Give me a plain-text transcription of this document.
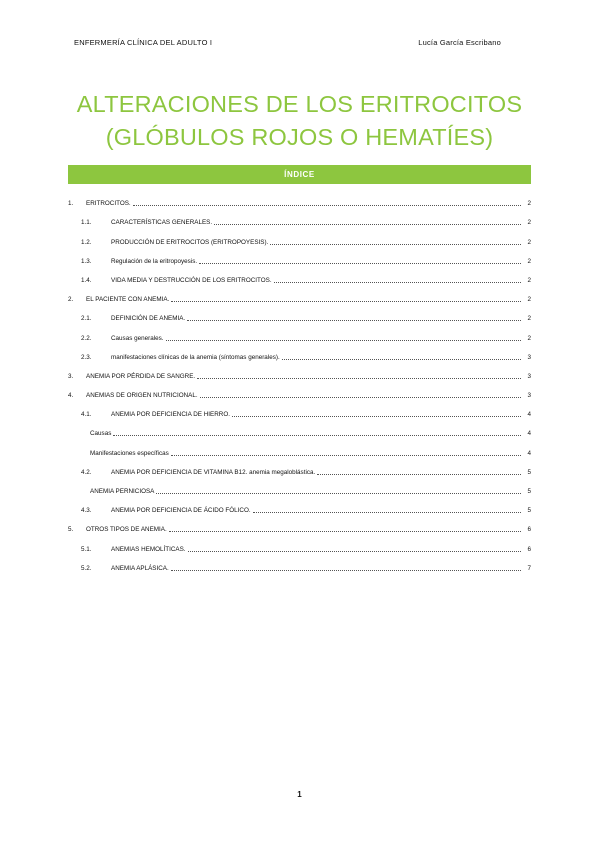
ENFERMERÍA CLÍNICA DEL ADULTO I	Lucía García Escribano
ALTERACIONES DE LOS ERITROCITOS
(GLÓBULOS ROJOS O HEMATÍES)
ÍNDICE
1.	ERITROCITOS.	2
1.1.	CARACTERÍSTICAS GENERALES.	2
1.2.	PRODUCCIÓN DE ERITROCITOS (ERITROPOYESIS).	2
1.3.	Regulación de la eritropoyesis.	2
1.4.	VIDA MEDIA Y DESTRUCCIÓN DE LOS ERITROCITOS.	2
2.	EL PACIENTE CON ANEMIA.	2
2.1.	DEFINICIÓN DE ANEMIA.	2
2.2.	Causas generales.	2
2.3.	manifestaciones clínicas de la anemia (síntomas generales).	3
3.	ANEMIA POR PÉRDIDA DE SANGRE.	3
4.	ANEMIAS DE ORIGEN NUTRICIONAL.	3
4.1.	ANEMIA POR DEFICIENCIA DE HIERRO.	4
Causas	4
Manifestaciones específicas	4
4.2.	ANEMIA POR DEFICIENCIA DE VITAMINA B12. anemia megaloblástica.	5
ANEMIA PERNICIOSA	5
4.3.	ANEMIA POR DEFICIENCIA DE ÁCIDO FÓLICO.	5
5.	OTROS TIPOS DE ANEMIA.	6
5.1.	ANEMIAS HEMOLÍTICAS.	6
5.2.	ANEMIA APLÁSICA.	7
1
